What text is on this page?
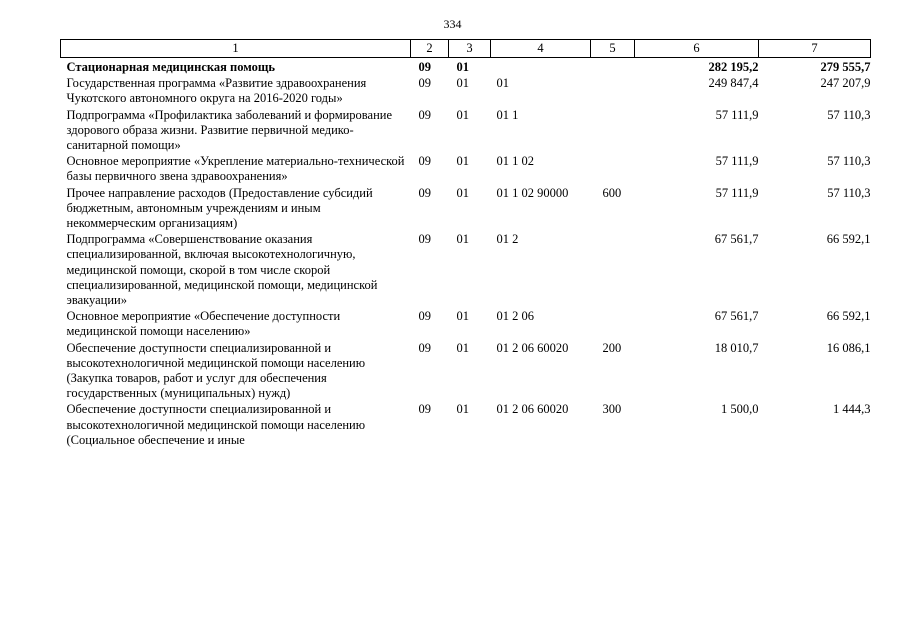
334
1	2	3	4	5	6	7
Стационарная медицинская помощь	09	01			282 195,2	279 555,7
Государственная программа «Развитие здравоохранения Чукотского автономного округа на 2016-2020 годы»	09	01	01		249 847,4	247 207,9
Подпрограмма «Профилактика заболеваний и формирование здорового образа жизни. Развитие первичной медико-санитарной помощи»	09	01	01 1		57 111,9	57 110,3
Основное мероприятие «Укрепление материально-технической базы первичного звена здравоохранения»	09	01	01 1 02		57 111,9	57 110,3
Прочее направление расходов (Предоставление субсидий бюджетным, автономным учреждениям и иным некоммерческим организациям)	09	01	01 1 02 90000	600	57 111,9	57 110,3
Подпрограмма «Совершенствование оказания специализированной, включая высокотехнологичную, медицинской помощи, скорой в том числе скорой специализированной, медицинской помощи, медицинской эвакуации»	09	01	01 2		67 561,7	66 592,1
Основное мероприятие «Обеспечение доступности медицинской помощи населению»	09	01	01 2 06		67 561,7	66 592,1
Обеспечение доступности специализированной и высокотехнологичной медицинской помощи населению (Закупка товаров, работ и услуг для обеспечения государственных (муниципальных) нужд)	09	01	01 2 06 60020	200	18 010,7	16 086,1
Обеспечение доступности специализированной и высокотехнологичной медицинской помощи населению (Социальное обеспечение и иные	09	01	01 2 06 60020	300	1 500,0	1 444,3
